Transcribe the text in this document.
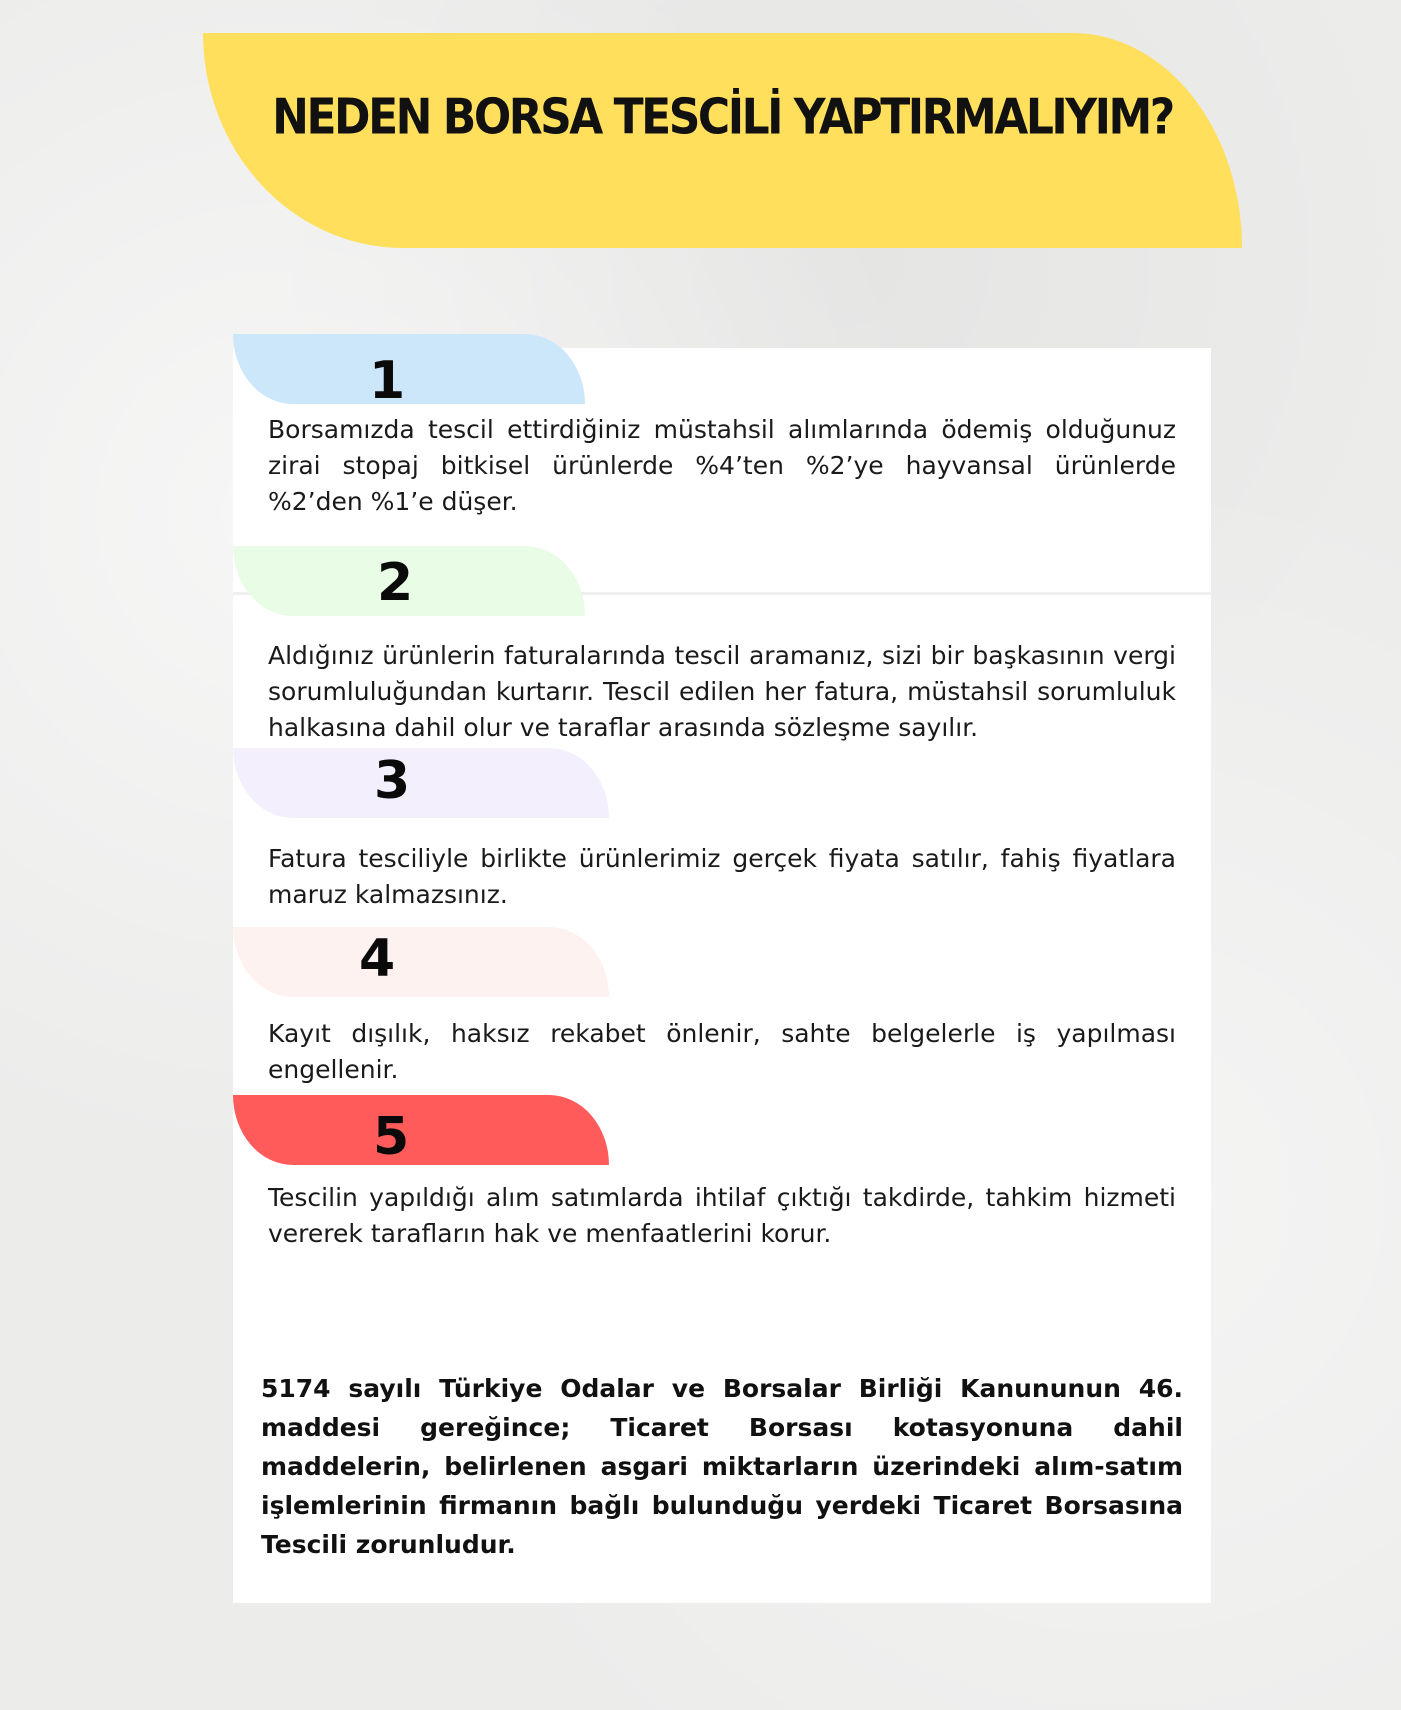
NEDEN BORSA TESCİLİ YAPTIRMALIYIM?

1

Borsamızda tescil ettirdiğiniz müstahsil alımlarında ödemiş olduğunuz zirai stopaj bitkisel ürünlerde %4’ten %2’ye hayvansal ürünlerde %2’den %1’e düşer.

2

Aldığınız ürünlerin faturalarında tescil aramanız, sizi bir başkasının vergi sorumluluğundan kurtarır. Tescil edilen her fatura, müstahsil sorumluluk halkasına dahil olur ve taraflar arasında sözleşme sayılır.

3

Fatura tesciliyle birlikte ürünlerimiz gerçek fiyata satılır, fahiş fiyatlara maruz kalmazsınız.

4

Kayıt dışılık, haksız rekabet önlenir, sahte belgelerle iş yapılması engellenir.

5

Tescilin yapıldığı alım satımlarda ihtilaf çıktığı takdirde, tahkim hizmeti vererek tarafların hak ve menfaatlerini korur.

5174 sayılı Türkiye Odalar ve Borsalar Birliği Kanununun 46. maddesi gereğince; Ticaret Borsası kotasyonuna dahil maddelerin, belirlenen asgari miktarların üzerindeki alım-satım işlemlerinin firmanın bağlı bulunduğu yerdeki Ticaret Borsasına Tescili zorunludur.
